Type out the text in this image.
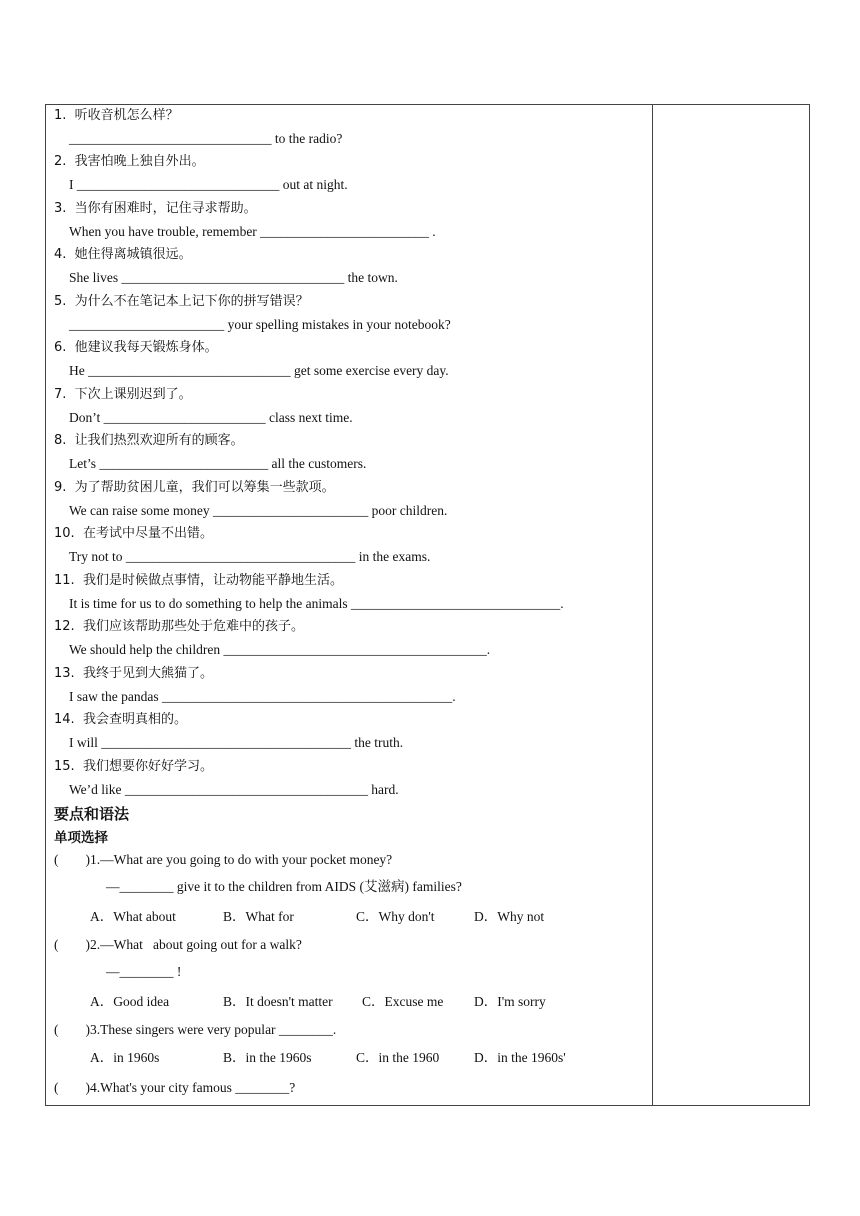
1.  听收音机怎么样？
______________________________ to the radio?
2.  我害怕晚上独自外出。
I ______________________________ out at night.
3.  当你有困难时，记住寻求帮助。
When you have trouble, remember _________________________ .
4.  她住得离城镇很远。
She lives _________________________________ the town.
5.  为什么不在笔记本上记下你的拼写错误？
_______________________ your spelling mistakes in your notebook?
6.  他建议我每天锻炼身体。
He ______________________________ get some exercise every day.
7.  下次上课别迟到了。
Don’t ________________________ class next time.
8.  让我们热烈欢迎所有的顾客。
Let’s _________________________ all the customers.
9.  为了帮助贫困儿童，我们可以筹集一些款项。
We can raise some money _______________________ poor children.
10.  在考试中尽量不出错。
Try not to __________________________________ in the exams.
11.  我们是时候做点事情，让动物能平静地生活。
It is time for us to do something to help the animals _______________________________.
12.  我们应该帮助那些处于危难中的孩子。
We should help the children _______________________________________.
13.  我终于见到大熊猫了。
I saw the pandas ___________________________________________.
14.  我会查明真相的。
I will _____________________________________ the truth.
15.  我们想要你好好学习。
We’d like ____________________________________ hard.
要点和语法
单项选择
(        )1.—What are you going to do with your pocket money?
—________ give it to the children from AIDS (艾滋病) families?
A．What about	B．What for	C．Why don't	D．Why not
(        )2.—What   about going out for a walk?
—________ !
A．Good idea	B．It doesn't matter C．Excuse me D．I'm sorry
(        )3.These singers were very popular ________.
A．in 1960s	B．in the 1960s	C．in the 1960	D．in the 1960s'
(        )4.What's your city famous ________?
